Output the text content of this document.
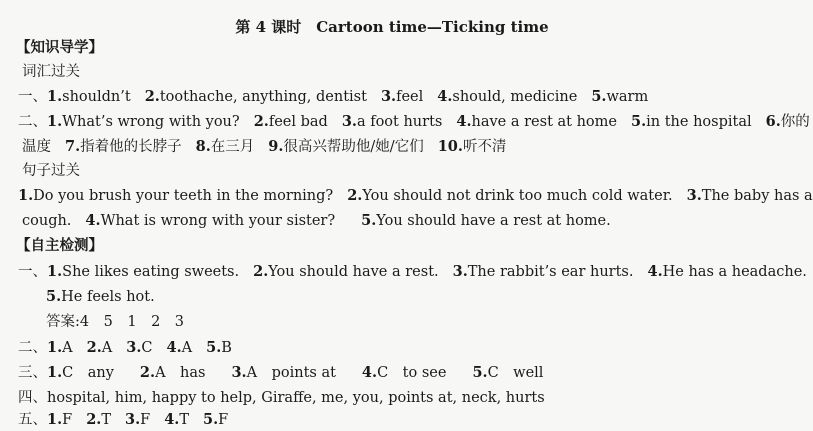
第 4 课时　Cartoon time—Ticking time
【知识导学】
词汇过关
一、1.shouldn’t 2.toothache, anything, dentist 3.feel 4.should, medicine 5.warm
二、1.What’s wrong with you? 2.feel bad 3.a foot hurts 4.have a rest at home 5.in the hospital 6.你的
温度 7.指着他的长脖子 8.在三月 9.很高兴帮助他/她/它们 10.听不清
句子过关
1.Do you brush your teeth in the morning? 2.You should not drink too much cold water. 3.The baby has a
cough. 4.What is wrong with your sister? 5.You should have a rest at home.
【自主检测】
一、1.She likes eating sweets. 2.You should have a rest. 3.The rabbit’s ear hurts. 4.He has a headache.
5.He feels hot.
答案:4　5　1　2　3
二、1.A 2.A 3.C 4.A 5.B
三、1.C　any 2.A　has 3.A　points at 4.C　to see 5.C　well
四、hospital, him, happy to help, Giraffe, me, you, points at, neck, hurts
五、1.F 2.T 3.F 4.T 5.F
